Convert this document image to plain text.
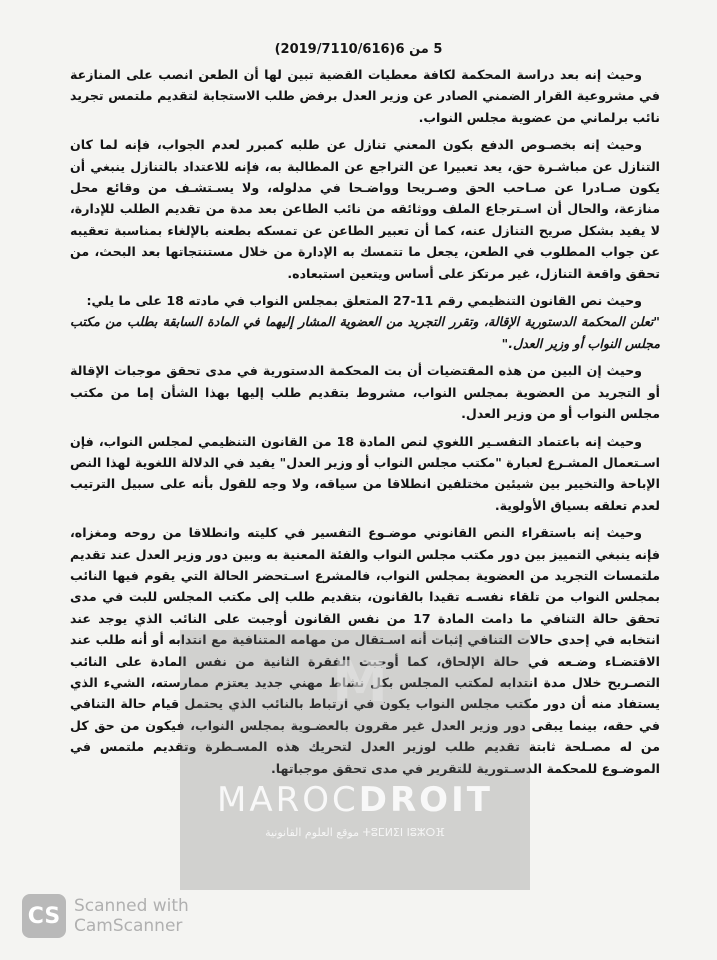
5 من 6(2019/7110/616)

وحيث إنه بعد دراسة المحكمة لكافة معطيات القضية تبين لها أن الطعن انصب على المنازعة في مشروعية القرار الضمني الصادر عن وزير العدل برفض طلب الاستجابة لتقديم ملتمس تجريد نائب برلماني من عضوية مجلس النواب.

وحيث إنه بخصـوص الدفع بكون المعني تنازل عن طلبه كمبرر لعدم الجواب، فإنه لما كان التنازل عن مباشـرة حق، يعد تعبيرا عن التراجع عن المطالبة به، فإنه للاعتداد بالتنازل ينبغي أن يكون صـادرا عن صـاحب الحق وصـريحا وواضـحا في مدلوله، ولا يسـتشـف من وقائع محل منازعة، والحال أن اسـترجاع الملف ووثائقه من نائب الطاعن بعد مدة من تقديم الطلب للإدارة، لا يفيد بشكل صريح التنازل عنه، كما أن تعبير الطاعن عن تمسكه بطعنه بالإلغاء بمناسبة تعقيبه عن جواب المطلوب في الطعن، يجعل ما تتمسك به الإدارة من خلال مستنتجاتها بعد البحث، من تحقق واقعة التنازل، غير مرتكز على أساس ويتعين استبعاده.

وحيث نص القانون التنظيمي رقم 11-27 المتعلق بمجلس النواب في مادته 18 على ما يلي:
"تعلن المحكمة الدستورية الإقالة، وتقرر التجريد من العضوية المشار إليهما في المادة السابقة بطلب من مكتب مجلس النواب أو وزير العدل."

وحيث إن البين من هذه المقتضيات أن بت المحكمة الدستورية في مدى تحقق موجبات الإقالة أو التجريد من العضوية بمجلس النواب، مشروط بتقديم طلب إليها بهذا الشأن إما من مكتب مجلس النواب أو من وزير العدل.

وحيث إنه باعتماد التفسـير اللغوي لنص المادة 18 من القانون التنظيمي لمجلس النواب، فإن اسـتعمال المشـرع لعبارة "مكتب مجلس النواب أو وزير العدل" يفيد في الدلالة اللغوية لهذا النص الإباحة والتخيير بين شيئين مختلفين انطلاقا من سياقه، ولا وجه للقول بأنه على سبيل الترتيب لعدم تعلقه بسياق الأولوية.

وحيث إنه باستقراء النص القانوني موضـوع التفسير في كليته وانطلاقا من روحه ومغزاه، فإنه ينبغي التمييز بين دور مكتب مجلس النواب والفئة المعنية به وبين دور وزير العدل عند تقديم ملتمسات التجريد من العضوية بمجلس النواب، فالمشرع اسـتحضر الحالة التي يقوم فيها النائب بمجلس النواب من تلقاء نفسـه تقيدا بالقانون، بتقديم طلب إلى مكتب المجلس للبت في مدى تحقق حالة التنافي ما دامت المادة 17 من نفس القانون أوجبت على النائب الذي يوجد عند انتخابه في إحدى حالات التنافي إثبات أنه اسـتقال من مهامه المتنافية مع انتدابه أو أنه طلب عند الاقتضـاء وضـعه في حالة الإلحاق، كما أوجبت الفقرة الثانية من نفس المادة على النائب التصـريح خلال مدة انتدابه لمكتب المجلس بكل نشاط مهني جديد يعتزم ممارسته، الشيء الذي يستفاد منه أن دور مكتب مجلس النواب يكون في ارتباط بالنائب الذي يحتمل قيام حالة التنافي في حقه، بينما يبقى دور وزير العدل غير مقرون بالعضـوية بمجلس النواب، فيكون من حق كل من له مصـلحة ثابتة تقديم طلب لوزير العدل لتحريك هذه المسـطرة وتقديم ملتمس في الموضـوع للمحكمة الدسـتورية للتقرير في مدى تحقق موجباتها.

M
MAROCDROIT
ⵜⵓⵎⵍⵉⵏ ⵏⵓⵣⵔⴼ موقع العلوم القانونية
CS Scanned with
CamScanner
